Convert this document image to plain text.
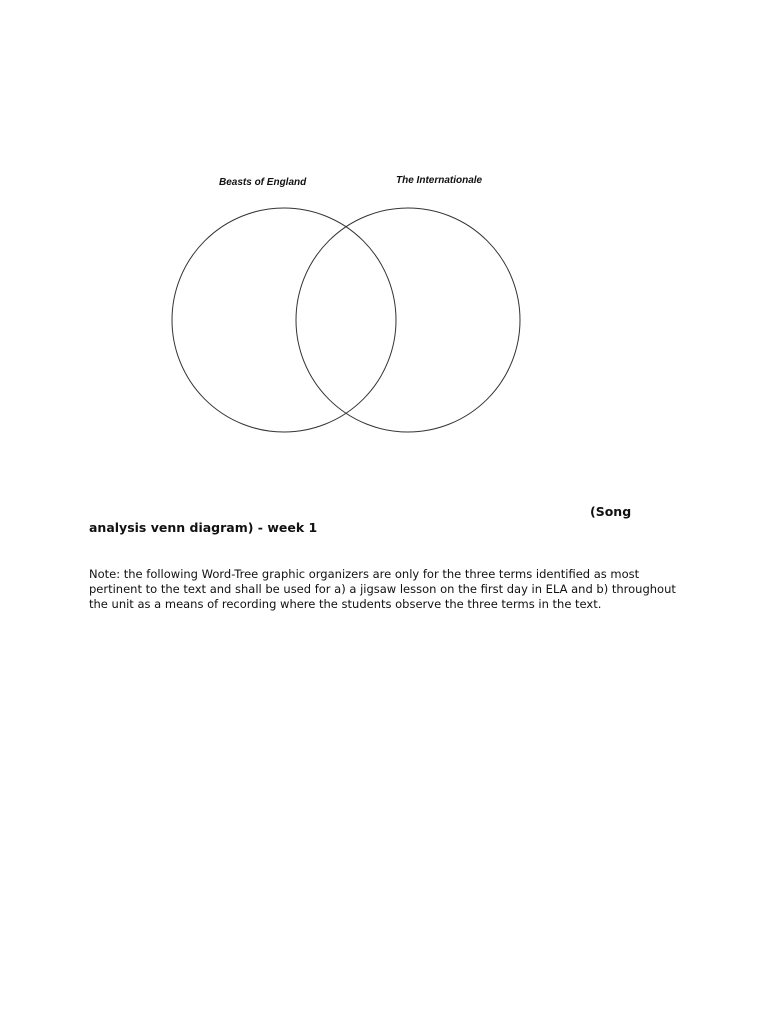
Beasts of England	The Internationale
(Song
analysis venn diagram) - week 1
Note: the following Word-Tree graphic organizers are only for the three terms identified as most
pertinent to the text and shall be used for a) a jigsaw lesson on the first day in ELA and b) throughout
the unit as a means of recording where the students observe the three terms in the text.
